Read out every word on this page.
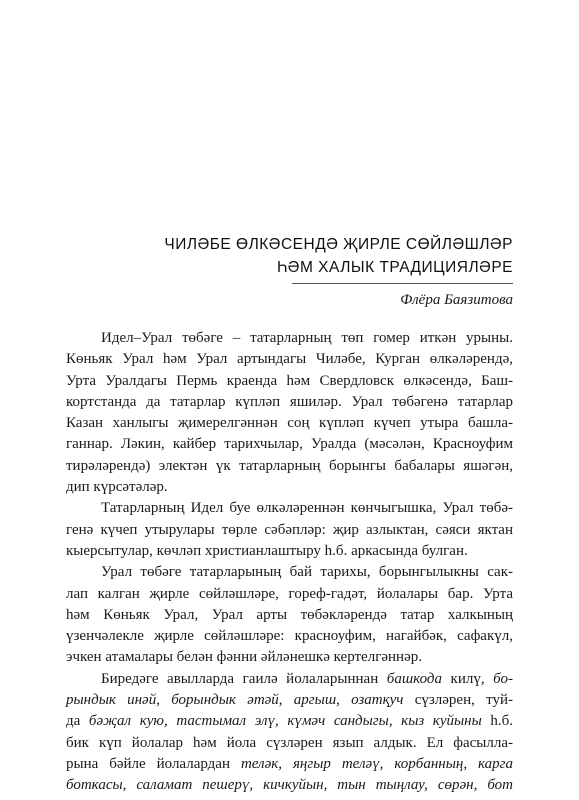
ЧИЛӘБЕ ӨЛКӘСЕНДӘ ҖИРЛЕ СӨЙЛӘШЛӘР
ҺӘМ ХАЛЫК ТРАДИЦИЯЛӘРЕ
Флёра Баязитова
Идел–Урал төбәге – татарларның төп гомер иткән урыны.
Көньяк Урал һәм Урал артындагы Чиләбе, Курган өлкәләрендә,
Урта Уралдагы Пермь краенда һәм Свердловск өлкәсендә, Баш-
кортстанда да татарлар күпләп яшиләр. Урал төбәгенә татарлар
Казан ханлыгы җимерелгәннән соң күпләп күчеп утыра башла-
ганнар. Ләкин, кайбер тарихчылар, Уралда (мәсәлән, Красноуфим
тирәләрендә) электән үк татарларның борынгы бабалары яшәгән,
дип күрсәтәләр.
Татарларның Идел буе өлкәләреннән көнчыгышка, Урал төбә-
генә күчеп утырулары төрле сәбәпләр: җир азлыктан, сәяси яктан
кыерсытулар, көчләп христианлаштыру һ.б. аркасында булган.
Урал төбәге татарларының бай тарихы, борынгылыкны сак-
лап калган җирле сөйләшләре, гореф-гадәт, йолалары бар. Урта
һәм Көньяк Урал, Урал арты төбәкләрендә татар халкының
үзенчәлекле җирле сөйләшләре: красноуфим, нагайбәк, сафакүл,
эчкен атамалары белән фәнни әйләнешкә кертелгәннәр.
Биредәге авылларда гаилә йолаларыннан башкода килү, бо-
рындык инәй, борындык әтәй, аргыш, озатқуч сүзләрен, туй-
да бәҗал кую, тастымал элү, күмәч сандыгы, кыз куйыны һ.б.
бик күп йолалар һәм йола сүзләрен язып алдык. Ел фасылла-
рына бәйле йолалардан теләк, яңгыр теләү, корбанның, карга
боткасы, саламат пешерү, кичкуйын, тын тыңлау, сөрән, бот
